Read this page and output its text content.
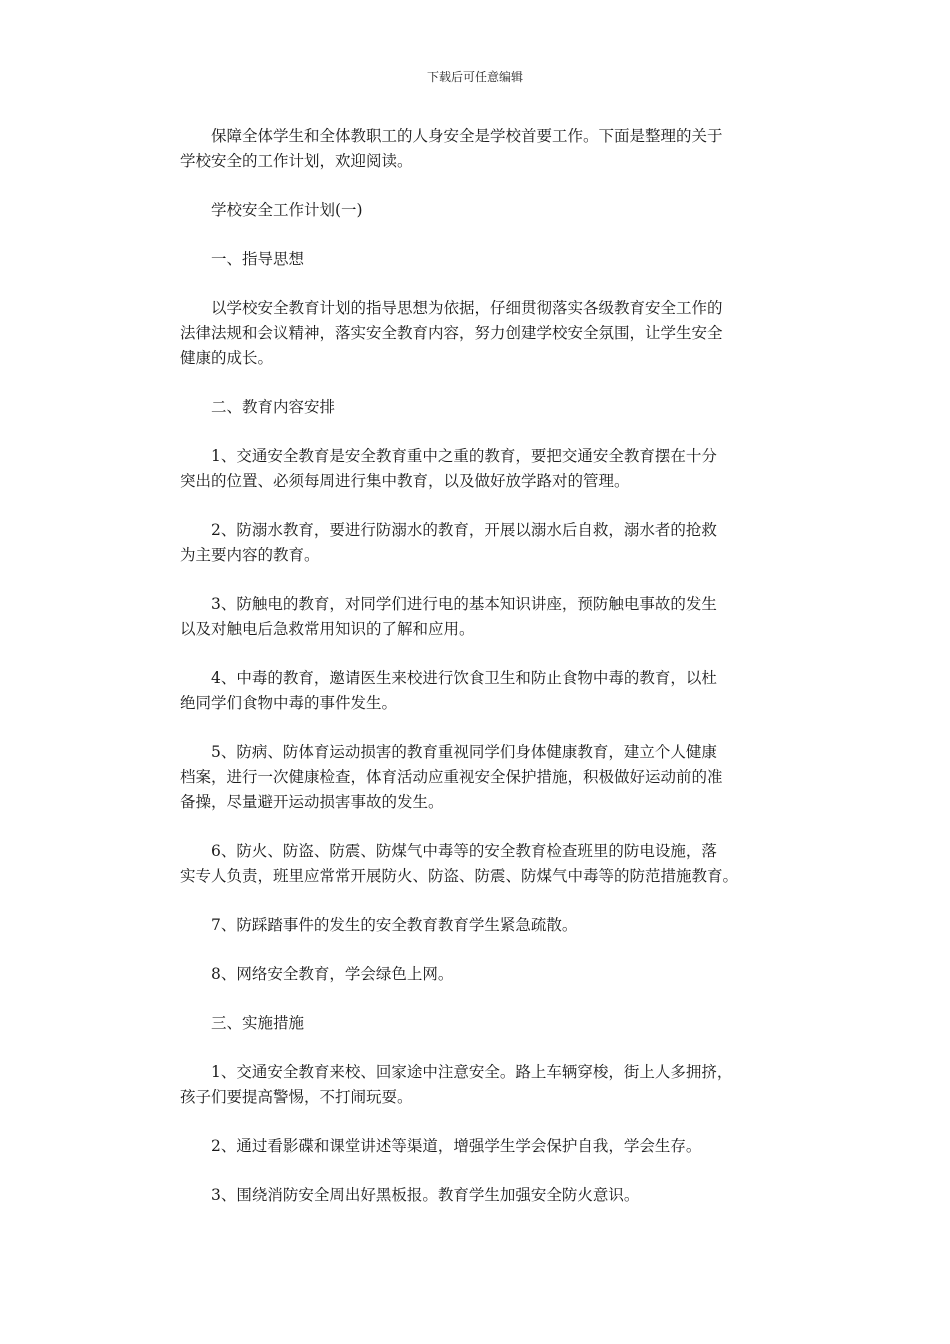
下载后可任意编辑

保障全体学生和全体教职工的人身安全是学校首要工作。下面是整理的关于
学校安全的工作计划，欢迎阅读。

学校安全工作计划(一)

一、指导思想

以学校安全教育计划的指导思想为依据，仔细贯彻落实各级教育安全工作的
法律法规和会议精神，落实安全教育内容，努力创建学校安全氛围，让学生安全
健康的成长。

二、教育内容安排

1、交通安全教育是安全教育重中之重的教育，要把交通安全教育摆在十分
突出的位置、必须每周进行集中教育，以及做好放学路对的管理。

2、防溺水教育，要进行防溺水的教育，开展以溺水后自救，溺水者的抢救
为主要内容的教育。

3、防触电的教育，对同学们进行电的基本知识讲座，预防触电事故的发生
以及对触电后急救常用知识的了解和应用。

4、中毒的教育，邀请医生来校进行饮食卫生和防止食物中毒的教育，以杜
绝同学们食物中毒的事件发生。

5、防病、防体育运动损害的教育重视同学们身体健康教育，建立个人健康
档案，进行一次健康检查，体育活动应重视安全保护措施，积极做好运动前的准
备操，尽量避开运动损害事故的发生。

6、防火、防盗、防震、防煤气中毒等的安全教育检查班里的防电设施，落
实专人负责，班里应常常开展防火、防盗、防震、防煤气中毒等的防范措施教育。

7、防踩踏事件的发生的安全教育教育学生紧急疏散。

8、网络安全教育，学会绿色上网。

三、实施措施

1、交通安全教育来校、回家途中注意安全。路上车辆穿梭，街上人多拥挤，
孩子们要提高警惕，不打闹玩耍。

2、通过看影碟和课堂讲述等渠道，增强学生学会保护自我，学会生存。

3、围绕消防安全周出好黑板报。教育学生加强安全防火意识。
